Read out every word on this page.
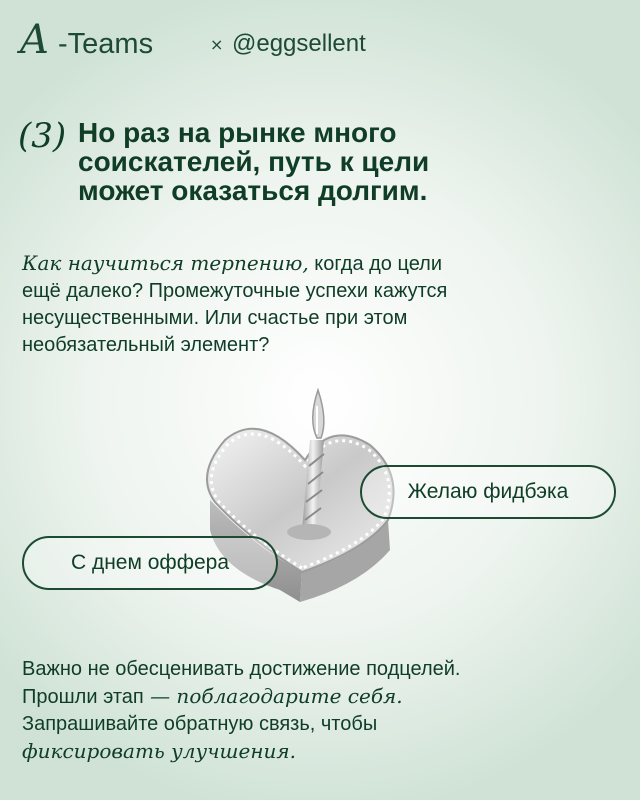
A -Teams	× @eggsellent
(3) Но раз на рынке много
соискателей, путь к цели
может оказаться долгим.
Как научиться терпению, когда до цели
ещё далеко? Промежуточные успехи кажутся
несущественными. Или счастье при этом
необязательный элемент?
Желаю фидбэка
С днем оффера
Важно не обесценивать достижение подцелей.
Прошли этап — поблагодарите себя.
Запрашивайте обратную связь, чтобы
фиксировать улучшения.
